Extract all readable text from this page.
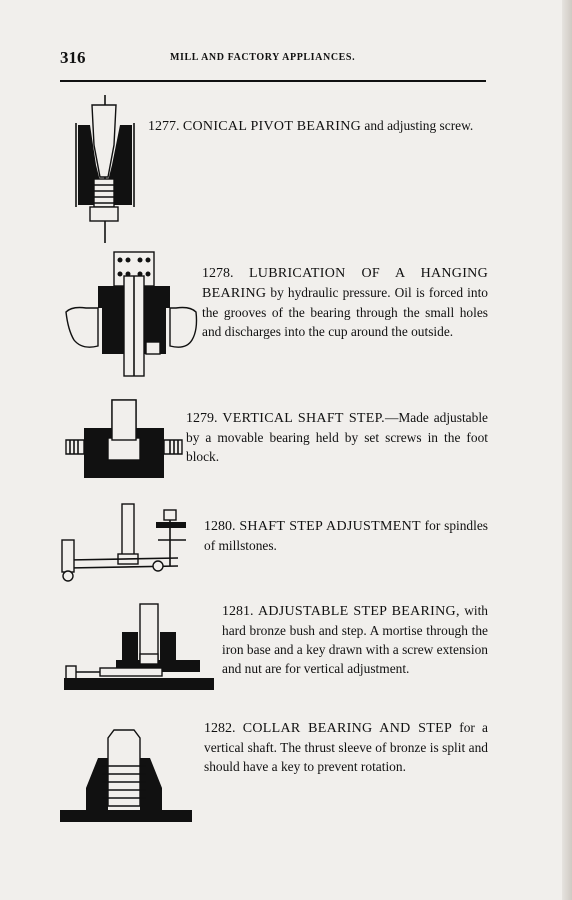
316	MILL AND FACTORY APPLIANCES.
1277. CONICAL PIVOT BEARING and adjusting screw.
1278. LUBRICATION OF A HANGING BEARING by hydraulic pressure. Oil is forced into the grooves of the bearing through the small holes and discharges into the cup around the outside.
1279. VERTICAL SHAFT STEP.—Made adjustable by a movable bearing held by set screws in the foot block.
1280. SHAFT STEP ADJUSTMENT for spindles of millstones.
1281. ADJUSTABLE STEP BEARING, with hard bronze bush and step. A mortise through the iron base and a key drawn with a screw extension and nut are for vertical adjustment.
1282. COLLAR BEARING AND STEP for a vertical shaft. The thrust sleeve of bronze is split and should have a key to prevent rotation.
